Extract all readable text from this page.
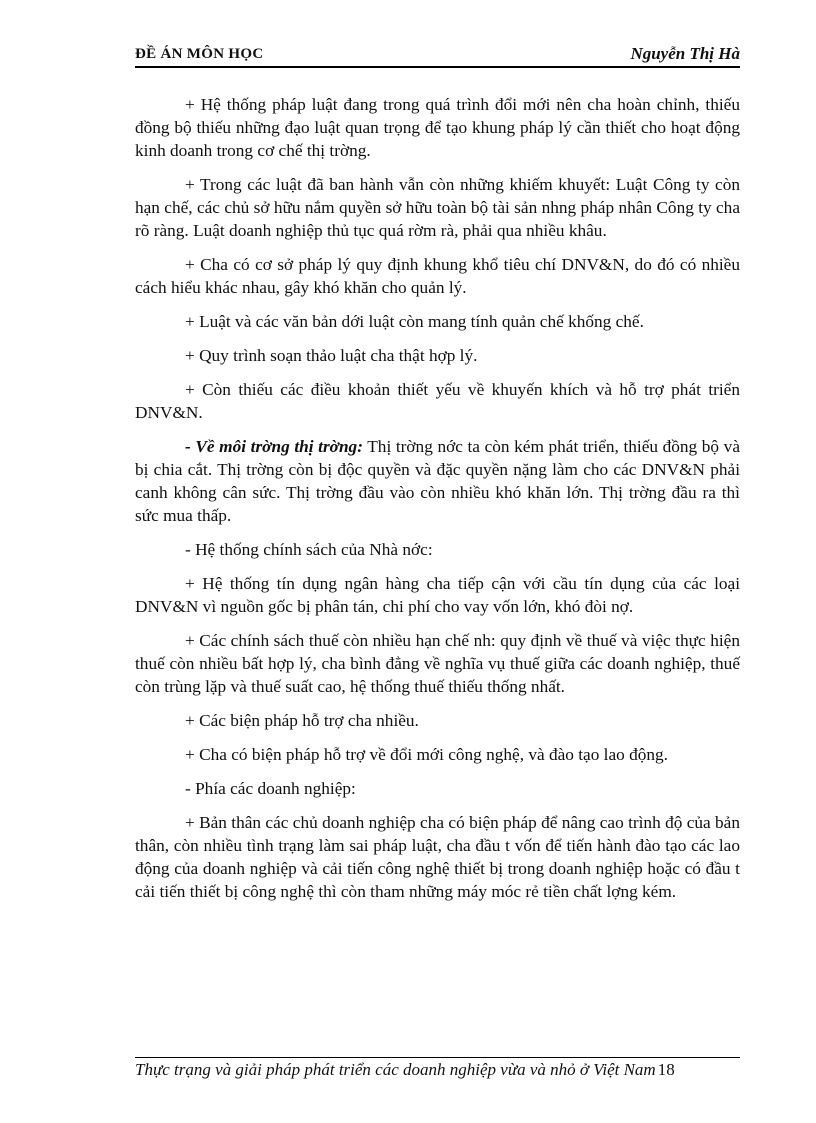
ĐỀ ÁN MÔN HỌC	Nguyễn Thị Hà

+ Hệ thống pháp luật đang trong quá trình đổi mới nên cha hoàn chỉnh, thiếu đồng bộ thiếu những đạo luật quan trọng để tạo khung pháp lý cần thiết cho hoạt động kinh doanh trong cơ chế thị trờng.

+ Trong các luật đã ban hành vẫn còn những khiếm khuyết: Luật Công ty còn hạn chế, các chủ sở hữu nắm quyền sở hữu toàn bộ tài sản nhng pháp nhân Công ty cha rõ ràng. Luật doanh nghiệp thủ tục quá rờm rà, phải qua nhiều khâu.

+ Cha có cơ sở pháp lý quy định khung khổ tiêu chí DNV&N, do đó có nhiều cách hiểu khác nhau, gây khó khăn cho quản lý.

+ Luật và các văn bản dới luật còn mang tính quản chế khống chế.

+ Quy trình soạn thảo luật cha thật hợp lý.

+ Còn thiếu các điều khoản thiết yếu về khuyến khích và hỗ trợ phát triển DNV&N.

- Về môi trờng thị trờng: Thị trờng nớc ta còn kém phát triển, thiếu đồng bộ và bị chia cắt. Thị trờng còn bị độc quyền và đặc quyền nặng làm cho các DNV&N phải canh không cân sức. Thị trờng đầu vào còn nhiều khó khăn lớn. Thị trờng đầu ra thì sức mua thấp.

- Hệ thống chính sách của Nhà nớc:

+ Hệ thống tín dụng ngân hàng cha tiếp cận với cầu tín dụng của các loại DNV&N vì nguồn gốc bị phân tán, chi phí cho vay vốn lớn, khó đòi nợ.

+ Các chính sách thuế còn nhiều hạn chế nh: quy định về thuế và việc thực hiện thuế còn nhiều bất hợp lý, cha bình đẳng về nghĩa vụ thuế giữa các doanh nghiệp, thuế còn trùng lặp và thuế suất cao, hệ thống thuế thiếu thống nhất.

+ Các biện pháp hỗ trợ cha nhiều.

+ Cha có biện pháp hỗ trợ về đổi mới công nghệ, và đào tạo lao động.

- Phía các doanh nghiệp:

+ Bản thân các chủ doanh nghiệp cha có biện pháp để nâng cao trình độ của bản thân, còn nhiều tình trạng làm sai pháp luật, cha đầu t vốn để tiến hành đào tạo các lao động của doanh nghiệp và cải tiến công nghệ thiết bị trong doanh nghiệp hoặc có đầu t cải tiến thiết bị công nghệ thì còn tham những máy móc rẻ tiền chất lợng kém.

Thực trạng và giải pháp phát triển các doanh nghiệp vừa và nhỏ ở Việt Nam 18
